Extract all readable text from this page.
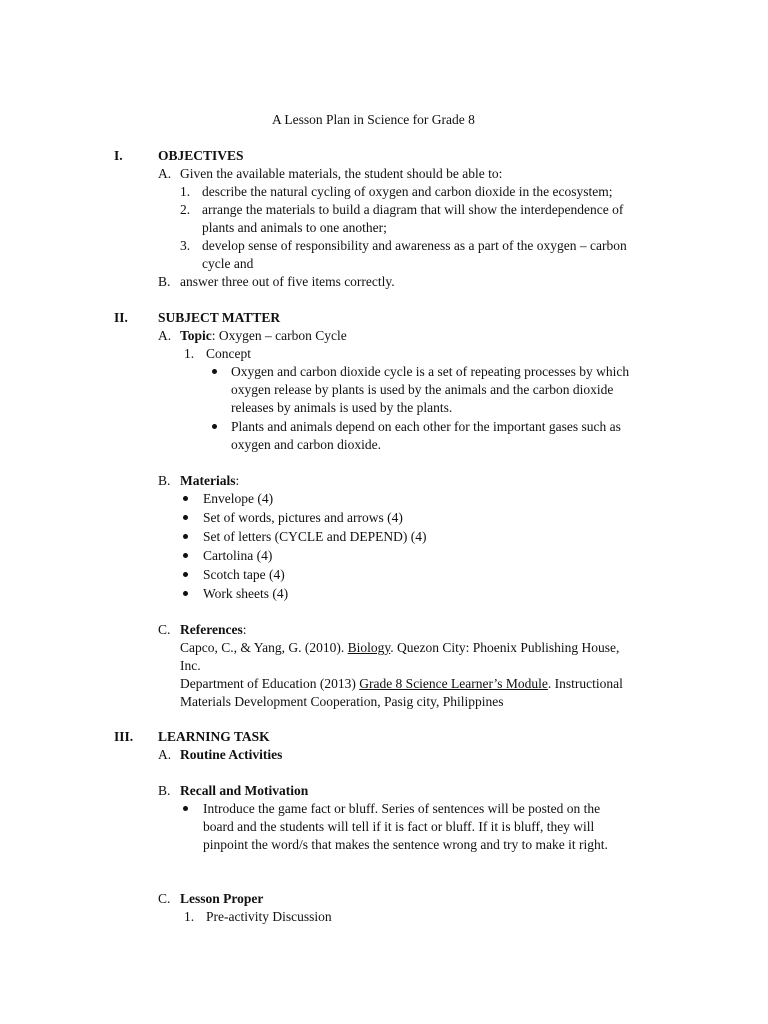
A Lesson Plan in Science for Grade 8
I.	OBJECTIVES
A. Given the available materials, the student should be able to:
1. describe the natural cycling of oxygen and carbon dioxide in the ecosystem;
2. arrange the materials to build a diagram that will show the interdependence of
plants and animals to one another;
3. develop sense of responsibility and awareness as a part of the oxygen – carbon
cycle and
B. answer three out of five items correctly.
II. SUBJECT MATTER
A. Topic: Oxygen – carbon Cycle
1. Concept
Oxygen and carbon dioxide cycle is a set of repeating processes by which
oxygen release by plants is used by the animals and the carbon dioxide
releases by animals is used by the plants.
Plants and animals depend on each other for the important gases such as
oxygen and carbon dioxide.
B. Materials:
Envelope (4)
Set of words, pictures and arrows (4)
Set of letters (CYCLE and DEPEND) (4)
Cartolina (4)
Scotch tape (4)
Work sheets (4)
C. References:
Capco, C., & Yang, G. (2010). Biology. Quezon City: Phoenix Publishing House,
Inc.
Department of Education (2013) Grade 8 Science Learner’s Module. Instructional
Materials Development Cooperation, Pasig city, Philippines
III. LEARNING TASK
A. Routine Activities
B. Recall and Motivation
Introduce the game fact or bluff. Series of sentences will be posted on the
board and the students will tell if it is fact or bluff. If it is bluff, they will
pinpoint the word/s that makes the sentence wrong and try to make it right.
C. Lesson Proper
1. Pre-activity Discussion
